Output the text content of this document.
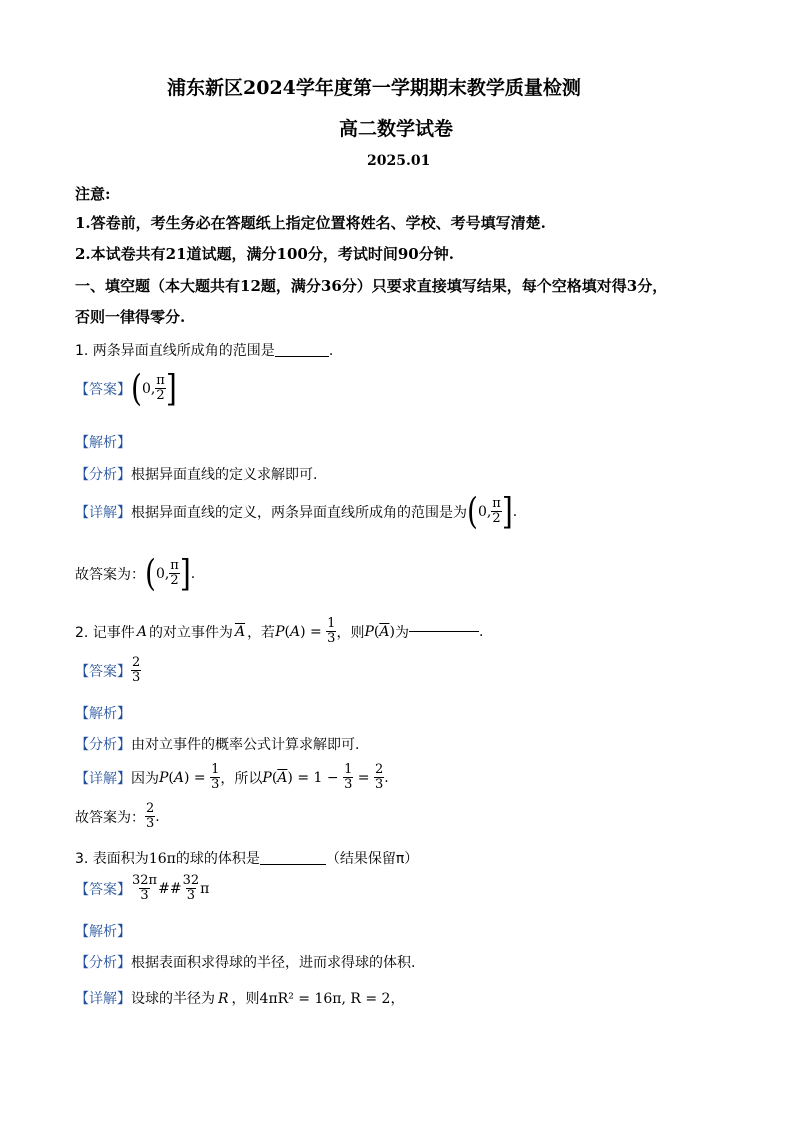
浦东新区2024学年度第一学期期末教学质量检测
高二数学试卷
2025.01
注意:
1.答卷前，考生务必在答题纸上指定位置将姓名、学校、考号填写清楚.
2.本试卷共有21道试题，满分100分，考试时间90分钟.
一、填空题（本大题共有12题，满分36分）只要求直接填写结果，每个空格填对得3分，
否则一律得零分.
1. 两条异面直线所成角的范围是	.
【答案】 ( 0, $\frac{\pi}{2}$ ]
【解析】
【分析】根据异面直线的定义求解即可.
【详解】 根据异面直线的定义，两条异面直线所成角的范围是为 ( 0, $\frac{\pi}{2}$ ] .
故答案为： ( 0, $\frac{\pi}{2}$ ] .
2. 记事件 A 的对立事件为 $\overline{A}$ ，若 P ( A ) = $\frac{1}{3}$ ，则 $P(\overline{A})$ 为	.
【答案】 $\frac{2}{3}$
【解析】
【分析】由对立事件的概率公式计算求解即可.
【详解】 因为 P ( A ) = $\frac{1}{3}$ ，所以 P ( $\overline{A}$ ) = $1 - \frac{1}{3} = \frac{2}{3}$ .
故答案为： $\frac{2}{3}$ .
3. 表面积为16π的球的体积是	（结果保留π）
【答案】 $\frac{32\pi}{3}$ ## $\frac{32}{3}$ π
【解析】
【分析】根据表面积求得球的半径，进而求得球的体积.
【详解】设球的半径为 R ，则4πR² = 16π, R = 2，
